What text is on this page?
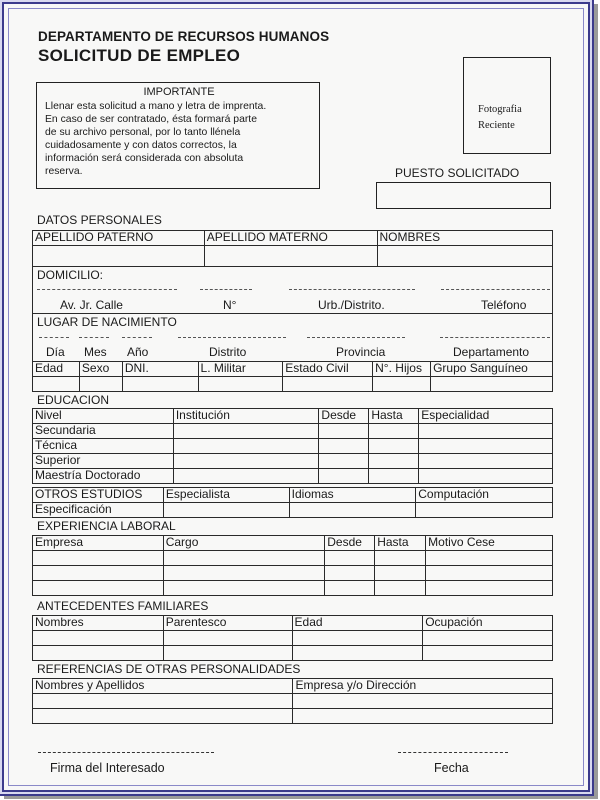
DEPARTAMENTO DE RECURSOS HUMANOS
SOLICITUD DE EMPLEO
IMPORTANTE
Llenar esta solicitud a mano y letra de imprenta.
En caso de ser contratado, ésta formará parte
de su archivo personal, por lo tanto llénela
cuidadosamente y con datos correctos, la
información será considerada con absoluta
reserva.
Fotografia
Reciente
PUESTO SOLICITADO
DATOS PERSONALES
APELLIDO PATERNO	APELLIDO MATERNO	NOMBRES

DOMICILIO:
Av. Jr. Calle	N°	Urb./Distrito.	Teléfono
LUGAR DE NACIMIENTO
Día Mes Año	Distrito	Provincia	Departamento
Edad	Sexo	DNI.	L. Militar	Estado Civil	N°. Hijos	Grupo Sanguíneo

EDUCACION
Nivel	Institución	Desde	Hasta	Especialidad
Secundaria				
Técnica				
Superior				
Maestría Doctorado				
OTROS ESTUDIOS	Especialista	Idiomas	Computación
Especificación			
EXPERIENCIA LABORAL
Empresa	Cargo	Desde	Hasta	Motivo Cese

ANTECEDENTES FAMILIARES
Nombres	Parentesco	Edad	Ocupación

REFERENCIAS DE OTRAS PERSONALIDADES
Nombres y Apellidos	Empresa y/o Dirección

Firma del Interesado	Fecha
